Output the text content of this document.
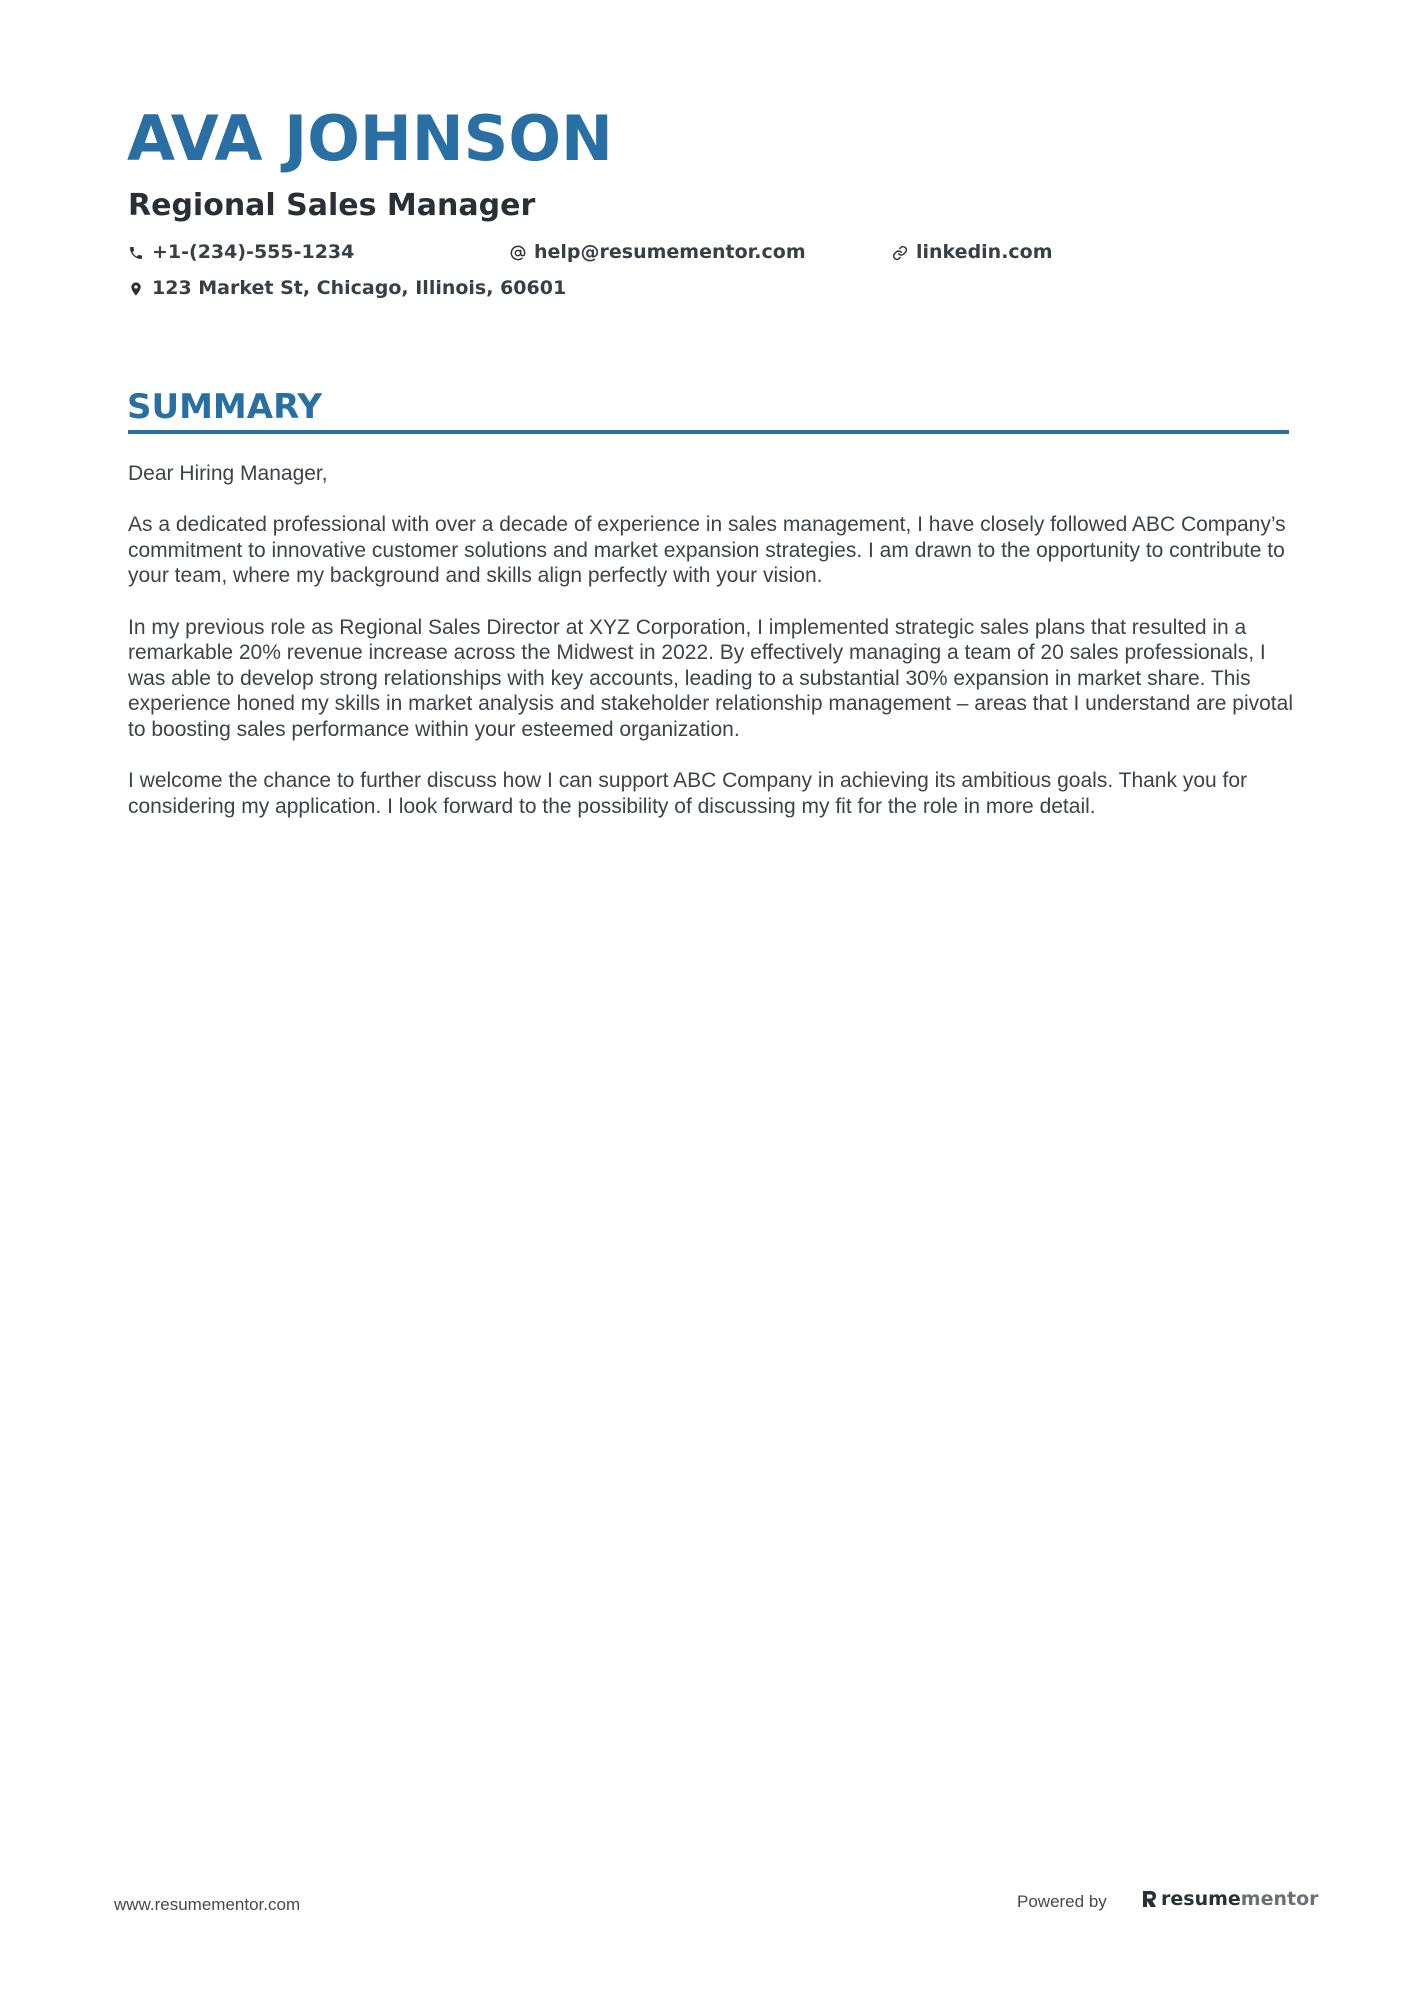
AVA JOHNSON
Regional Sales Manager
+1-(234)-555-1234	help@resumementor.com	linkedin.com
123 Market St, Chicago, Illinois, 60601
SUMMARY

Dear Hiring Manager,

As a dedicated professional with over a decade of experience in sales management, I have closely followed ABC Company’s commitment to innovative customer solutions and market expansion strategies. I am drawn to the opportunity to contribute to your team, where my background and skills align perfectly with your vision.

In my previous role as Regional Sales Director at XYZ Corporation, I implemented strategic sales plans that resulted in a remarkable 20% revenue increase across the Midwest in 2022. By effectively managing a team of 20 sales professionals, I was able to develop strong relationships with key accounts, leading to a substantial 30% expansion in market share. This experience honed my skills in market analysis and stakeholder relationship management – areas that I understand are pivotal to boosting sales performance within your esteemed organization.

I welcome the chance to further discuss how I can support ABC Company in achieving its ambitious goals. Thank you for considering my application. I look forward to the possibility of discussing my fit for the role in more detail.

www.resumementor.com	Powered by	resume mentor
